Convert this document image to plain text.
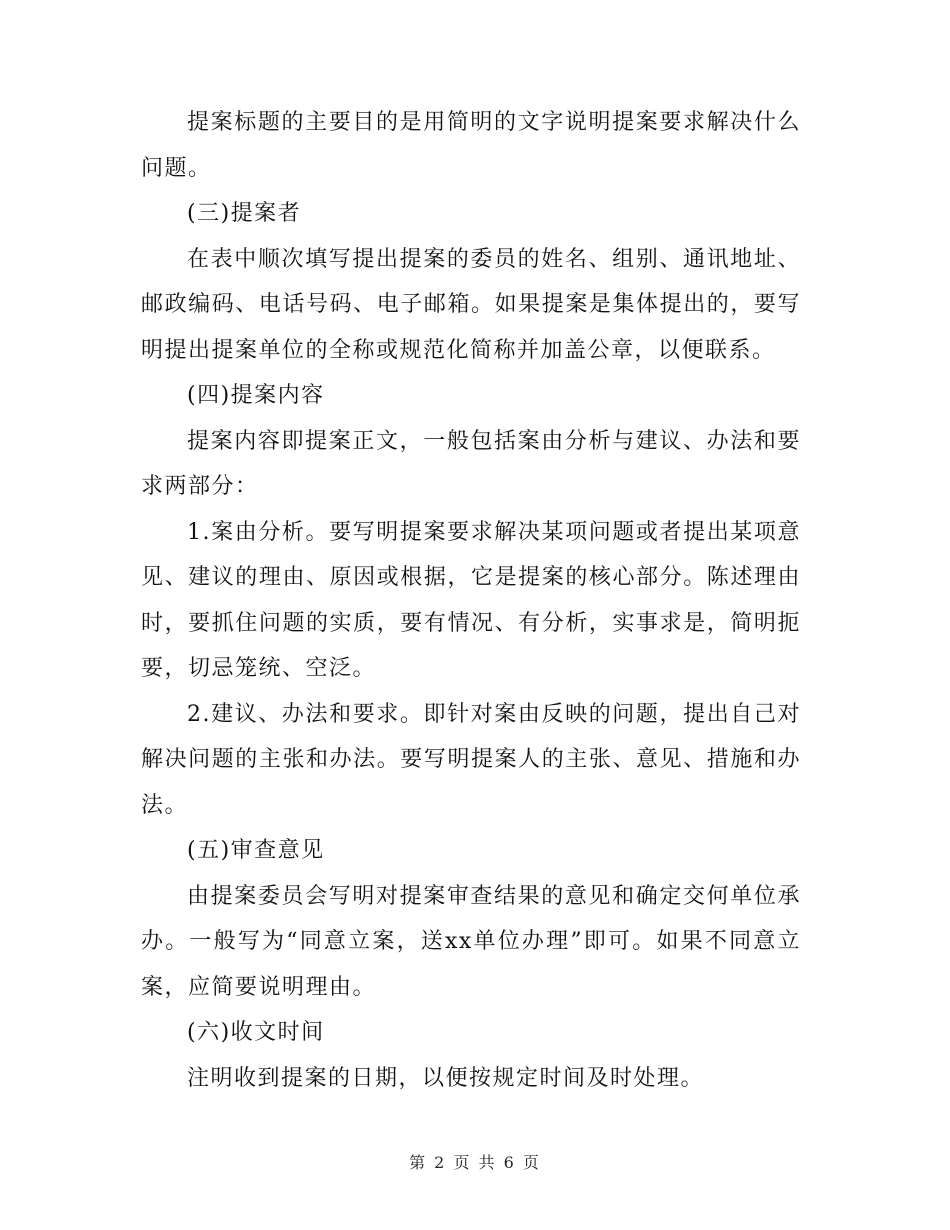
提案标题的主要目的是用简明的文字说明提案要求解决什么问题。

(三)提案者

在表中顺次填写提出提案的委员的姓名、组别、通讯地址、邮政编码、电话号码、电子邮箱。如果提案是集体提出的，要写明提出提案单位的全称或规范化简称并加盖公章，以便联系。

(四)提案内容

提案内容即提案正文，一般包括案由分析与建议、办法和要求两部分：

1.案由分析。要写明提案要求解决某项问题或者提出某项意见、建议的理由、原因或根据，它是提案的核心部分。陈述理由时，要抓住问题的实质，要有情况、有分析，实事求是，简明扼要，切忌笼统、空泛。

2.建议、办法和要求。即针对案由反映的问题，提出自己对解决问题的主张和办法。要写明提案人的主张、意见、措施和办法。

(五)审查意见

由提案委员会写明对提案审查结果的意见和确定交何单位承办。一般写为“同意立案，送xx单位办理”即可。如果不同意立案，应简要说明理由。

(六)收文时间

注明收到提案的日期，以便按规定时间及时处理。

第 2 页 共 6 页
